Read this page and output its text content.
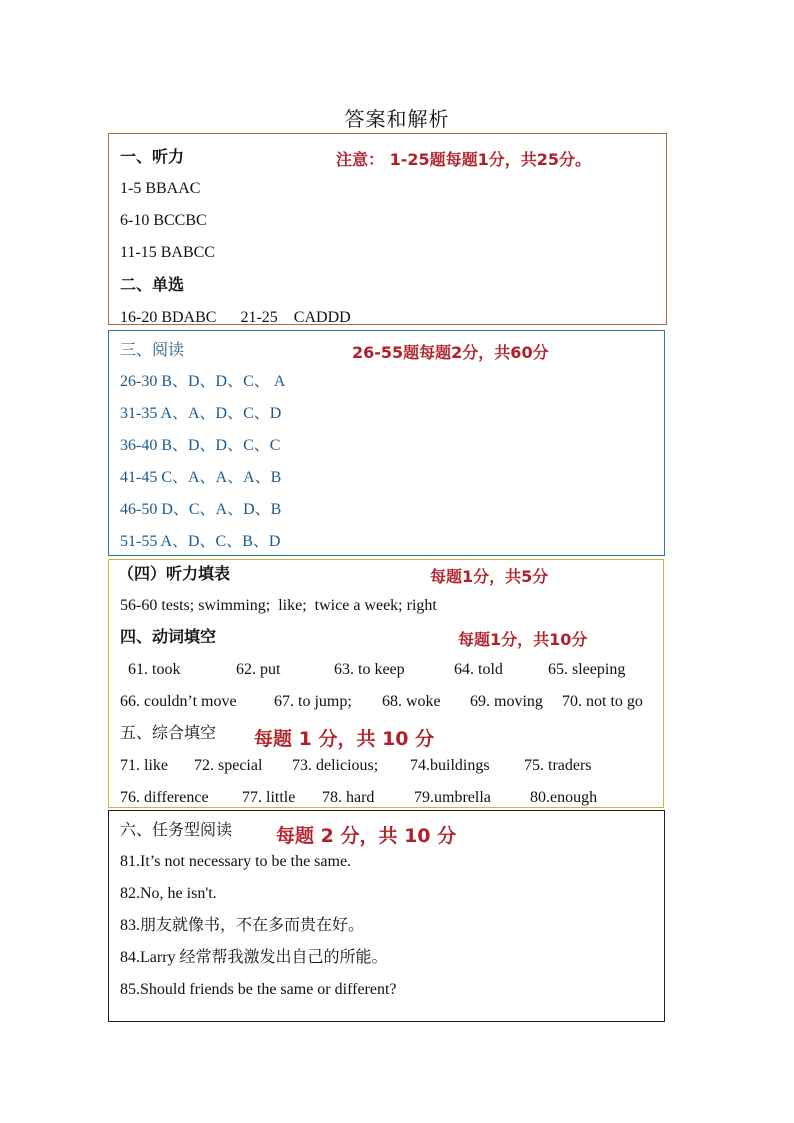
答案和解析
一、听力	注意： 1-25题每题1分，共25分。
1-5 BBAAC
6-10 BCCBC
11-15 BABCC
二、单选
16-20 BDABC      21-25    CADDD
三、阅读	26-55题每题2分，共60分
26-30 B、D、D、C、 A
31-35 A、A、D、C、D
36-40 B、D、D、C、C
41-45 C、A、A、A、B
46-50 D、C、A、D、B
51-55 A、D、C、B、D
（四）听力填表	每题1分，共5分
56-60 tests; swimming;  like;  twice a week; right
四、动词填空	每题1分，共10分
61. took	62. put	63. to keep	64. told	65. sleeping
66. couldn’t move 67. to jump; 68. woke 69. moving 70. not to go
五、综合填空 每题 1 分，共 10 分
71. like 72. special 73. delicious; 74.buildings 75. traders
76. difference 77. little 78. hard 79.umbrella 80.enough
六、任务型阅读 每题 2 分，共 10 分
81.It’s not necessary to be the same.
82.No, he isn't.
83.朋友就像书，不在多而贵在好。
84.Larry 经常帮我激发出自己的所能。
85.Should friends be the same or different?
